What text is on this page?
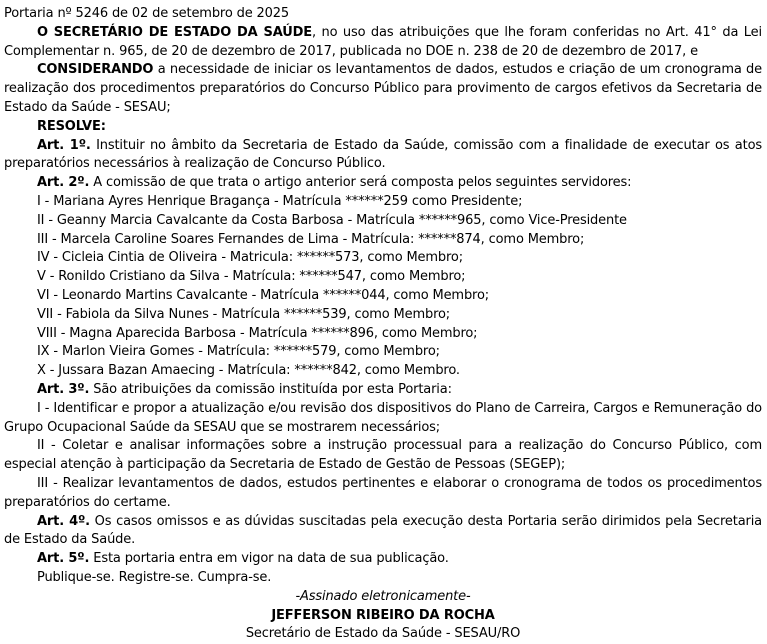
Portaria nº 5246 de 02 de setembro de 2025

O SECRETÁRIO DE ESTADO DA SAÚDE, no uso das atribuições que lhe foram conferidas no Art. 41° da Lei Complementar n. 965, de 20 de dezembro de 2017, publicada no DOE n. 238 de 20 de dezembro de 2017, e

CONSIDERANDO a necessidade de iniciar os levantamentos de dados, estudos e criação de um cronograma de realização dos procedimentos preparatórios do Concurso Público para provimento de cargos efetivos da Secretaria de Estado da Saúde - SESAU;

RESOLVE:

Art. 1º. Instituir no âmbito da Secretaria de Estado da Saúde, comissão com a finalidade de executar os atos preparatórios necessários à realização de Concurso Público.

Art. 2º. A comissão de que trata o artigo anterior será composta pelos seguintes servidores:

I - Mariana Ayres Henrique Bragança - Matrícula ******259 como Presidente;

II - Geanny Marcia Cavalcante da Costa Barbosa - Matrícula ******965, como Vice-Presidente

III - Marcela Caroline Soares Fernandes de Lima - Matrícula: ******874, como Membro;

IV - Cicleia Cintia de Oliveira - Matricula: ******573, como Membro;

V - Ronildo Cristiano da Silva - Matrícula: ******547, como Membro;

VI - Leonardo Martins Cavalcante - Matrícula ******044, como Membro;

VII - Fabiola da Silva Nunes - Matrícula ******539, como Membro;

VIII - Magna Aparecida Barbosa - Matrícula ******896, como Membro;

IX - Marlon Vieira Gomes - Matrícula: ******579, como Membro;

X - Jussara Bazan Amaecing - Matrícula: ******842, como Membro.

Art. 3º. São atribuições da comissão instituída por esta Portaria:

I - Identificar e propor a atualização e/ou revisão dos dispositivos do Plano de Carreira, Cargos e Remuneração do Grupo Ocupacional Saúde da SESAU que se mostrarem necessários;

II - Coletar e analisar informações sobre a instrução processual para a realização do Concurso Público, com especial atenção à participação da Secretaria de Estado de Gestão de Pessoas (SEGEP);

III - Realizar levantamentos de dados, estudos pertinentes e elaborar o cronograma de todos os procedimentos preparatórios do certame.

Art. 4º. Os casos omissos e as dúvidas suscitadas pela execução desta Portaria serão dirimidos pela Secretaria de Estado da Saúde.

Art. 5º. Esta portaria entra em vigor na data de sua publicação.

Publique-se. Registre-se. Cumpra-se.

-Assinado eletronicamente-

JEFFERSON RIBEIRO DA ROCHA

Secretário de Estado da Saúde - SESAU/RO
